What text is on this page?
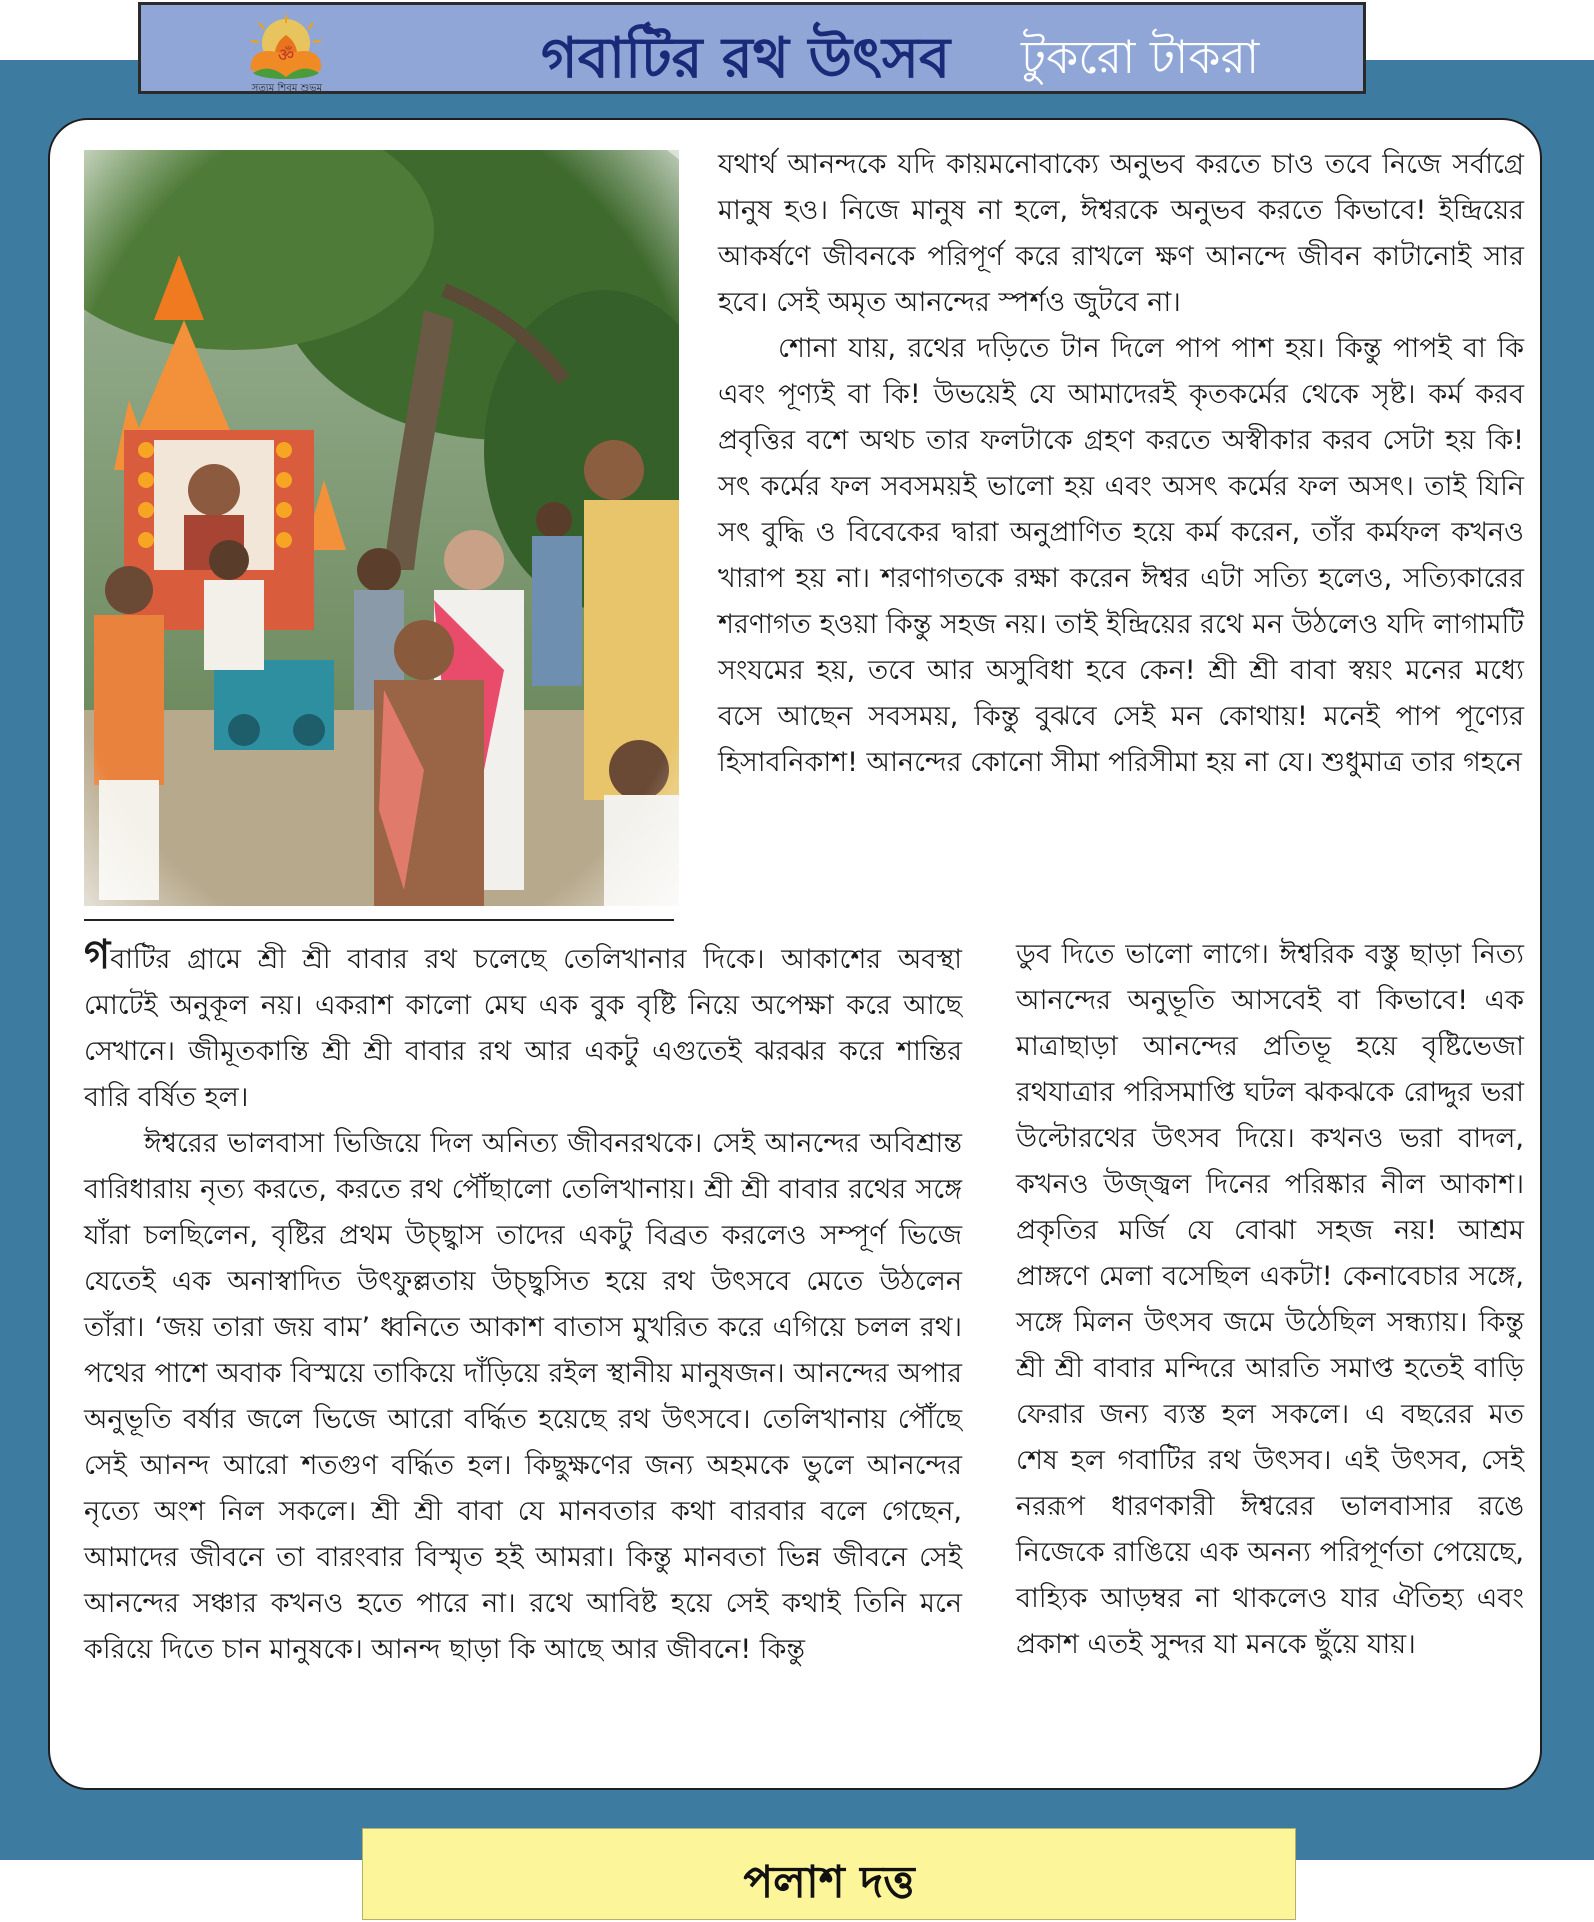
ॐ
সত্যম শিবম শুভম	গবাটির রথ উৎসব টুকরো টাকরা

যথার্থ আনন্দকে যদি কায়মনোবাক্যে অনুভব করতে চাও তবে নিজে সর্বাগ্রে মানুষ হও। নিজে মানুষ না হলে, ঈশ্বরকে অনুভব করতে কিভাবে! ইন্দ্রিয়ের আকর্ষণে জীবনকে পরিপূর্ণ করে রাখলে ক্ষণ আনন্দে জীবন কাটানোই সার হবে। সেই অমৃত আনন্দের স্পর্শও জুটবে না।

শোনা যায়, রথের দড়িতে টান দিলে পাপ পাশ হয়। কিন্তু পাপই বা কি এবং পূণ্যই বা কি! উভয়েই যে আমাদেরই কৃতকর্মের থেকে সৃষ্ট। কর্ম করব প্রবৃত্তির বশে অথচ তার ফলটাকে গ্রহণ করতে অস্বীকার করব সেটা হয় কি! সৎ কর্মের ফল সবসময়ই ভালো হয় এবং অসৎ কর্মের ফল অসৎ। তাই যিনি সৎ বুদ্ধি ও বিবেকের দ্বারা অনুপ্রাণিত হয়ে কর্ম করেন, তাঁর কর্মফল কখনও খারাপ হয় না। শরণাগতকে রক্ষা করেন ঈশ্বর এটা সত্যি হলেও, সত্যিকারের শরণাগত হওয়া কিন্তু সহজ নয়। তাই ইন্দ্রিয়ের রথে মন উঠলেও যদি লাগামটি সংযমের হয়, তবে আর অসুবিধা হবে কেন! শ্রী শ্রী বাবা স্বয়ং মনের মধ্যে বসে আছেন সবসময়, কিন্তু বুঝবে সেই মন কোথায়! মনেই পাপ পূণ্যের হিসাবনিকাশ! আনন্দের কোনো সীমা পরিসীমা হয় না যে। শুধুমাত্র তার গহনে

গবাটির গ্রামে শ্রী শ্রী বাবার রথ চলেছে তেলিখানার দিকে। আকাশের অবস্থা মোটেই অনুকূল নয়। একরাশ কালো মেঘ এক বুক বৃষ্টি নিয়ে অপেক্ষা করে আছে সেখানে। জীমূতকান্তি শ্রী শ্রী বাবার রথ আর একটু এগুতেই ঝরঝর করে শান্তির বারি বর্ষিত হল।

ঈশ্বরের ভালবাসা ভিজিয়ে দিল অনিত্য জীবনরথকে। সেই আনন্দের অবিশ্রান্ত বারিধারায় নৃত্য করতে, করতে রথ পৌঁছালো তেলিখানায়। শ্রী শ্রী বাবার রথের সঙ্গে যাঁরা চলছিলেন, বৃষ্টির প্রথম উচ্ছ্বাস তাদের একটু বিব্রত করলেও সম্পূর্ণ ভিজে যেতেই এক অনাস্বাদিত উৎফুল্লতায় উচ্ছ্বসিত হয়ে রথ উৎসবে মেতে উঠলেন তাঁরা। ‘জয় তারা জয় বাম’ ধ্বনিতে আকাশ বাতাস মুখরিত করে এগিয়ে চলল রথ। পথের পাশে অবাক বিস্ময়ে তাকিয়ে দাঁড়িয়ে রইল স্থানীয় মানুষজন। আনন্দের অপার অনুভূতি বর্ষার জলে ভিজে আরো বর্দ্ধিত হয়েছে রথ উৎসবে। তেলিখানায় পৌঁছে সেই আনন্দ আরো শতগুণ বর্দ্ধিত হল। কিছুক্ষণের জন্য অহমকে ভুলে আনন্দের নৃত্যে অংশ নিল সকলে। শ্রী শ্রী বাবা যে মানবতার কথা বারবার বলে গেছেন, আমাদের জীবনে তা বারংবার বিস্মৃত হই আমরা। কিন্তু মানবতা ভিন্ন জীবনে সেই আনন্দের সঞ্চার কখনও হতে পারে না। রথে আবিষ্ট হয়ে সেই কথাই তিনি মনে করিয়ে দিতে চান মানুষকে। আনন্দ ছাড়া কি আছে আর জীবনে! কিন্তু

ডুব দিতে ভালো লাগে। ঈশ্বরিক বস্তু ছাড়া নিত্য আনন্দের অনুভূতি আসবেই বা কিভাবে! এক মাত্রাছাড়া আনন্দের প্রতিভূ হয়ে বৃষ্টিভেজা রথযাত্রার পরিসমাপ্তি ঘটল ঝকঝকে রোদ্দুর ভরা উল্টোরথের উৎসব দিয়ে। কখনও ভরা বাদল, কখনও উজ্জ্বল দিনের পরিষ্কার নীল আকাশ। প্রকৃতির মর্জি যে বোঝা সহজ নয়! আশ্রম প্রাঙ্গণে মেলা বসেছিল একটা! কেনাবেচার সঙ্গে, সঙ্গে মিলন উৎসব জমে উঠেছিল সন্ধ্যায়। কিন্তু শ্রী শ্রী বাবার মন্দিরে আরতি সমাপ্ত হতেই বাড়ি ফেরার জন্য ব্যস্ত হল সকলে। এ বছরের মত শেষ হল গবাটির রথ উৎসব। এই উৎসব, সেই নররূপ ধারণকারী ঈশ্বরের ভালবাসার রঙে নিজেকে রাঙিয়ে এক অনন্য পরিপূর্ণতা পেয়েছে, বাহ্যিক আড়ম্বর না থাকলেও যার ঐতিহ্য এবং প্রকাশ এতই সুন্দর যা মনকে ছুঁয়ে যায়।

পলাশ দত্ত
